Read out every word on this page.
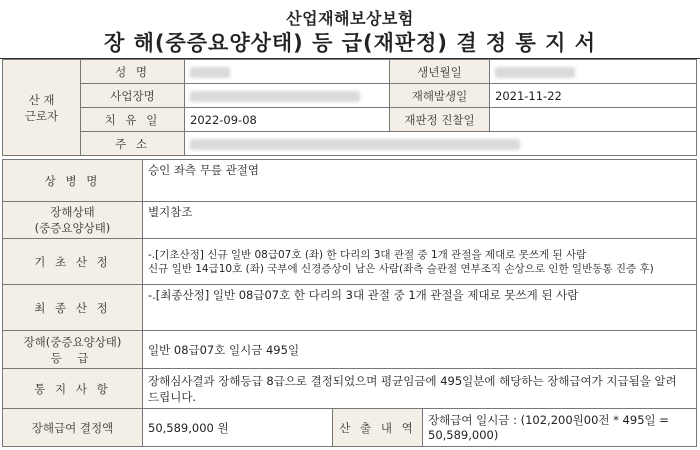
산업재해보상보험
장 해(중증요양상태) 등 급(재판정) 결 정 통 지 서
산 재
근로자	성 명		생년월일	
	사업장명		재해발생일	2021-11-22
	치 유 일	2022-09-08	재판정 진찰일	
	주 소			
상 병 명	승인 좌측 무릎 관절염		

장해상태
(중증요양상태)	별지참조		
기 초 산 정	-.[기초산정] 신규 일반 08급07호 (좌) 한 다리의 3대 관절 중 1개 관절을 제대로 못쓰게 된 사람
신규 일반 14급10호 (좌) 국부에 신경증상이 남은 사람(좌측 슬관절 연부조직 손상으로 인한 일반동통 진증 후)		

최 종 산 정	-.[최종산정] 일반 08급07호 한 다리의 3대 관절 중 1개 관절을 제대로 못쓰게 된 사람		

장해(중증요양상태)
등 급	일반 08급07호 일시금 495일		
통 지 사 항	장해심사결과 장해등급 8급으로 결정되었으며 평균임금에 495일분에 해당하는 장해급여가 지급됨을 알려 드립니다.		
장해급여 결정액	50,589,000 원	산 출 내 역	장해급여 일시금 : (102,200원00전 * 495일 = 50,589,000)
